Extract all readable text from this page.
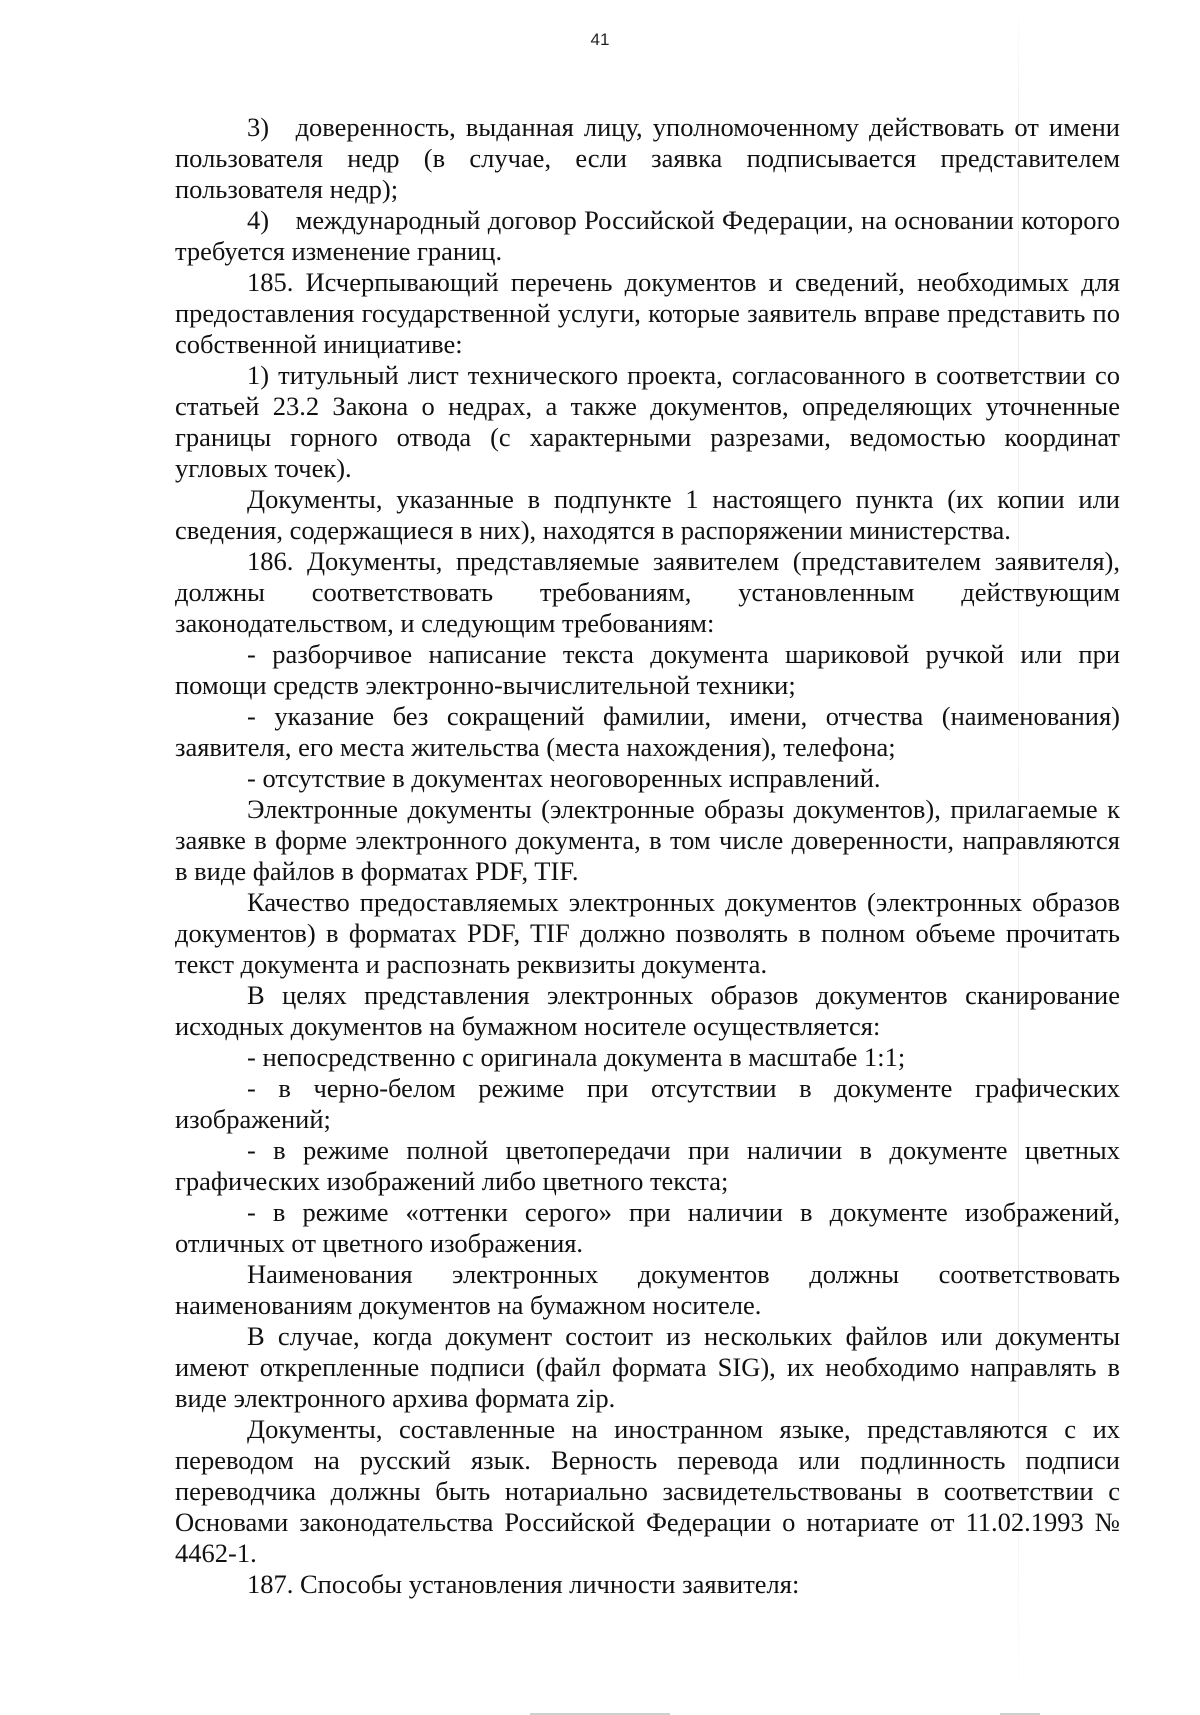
41

3) доверенность, выданная лицу, уполномоченному действовать от имени пользователя недр (в случае, если заявка подписывается представителем пользователя недр);

4) международный договор Российской Федерации, на основании которого требуется изменение границ.

185. Исчерпывающий перечень документов и сведений, необходимых для предоставления государственной услуги, которые заявитель вправе представить по собственной инициативе:

1) титульный лист технического проекта, согласованного в соответствии со статьей 23.2 Закона о недрах, а также документов, определяющих уточненные границы горного отвода (с характерными разрезами, ведомостью координат угловых точек).

Документы, указанные в подпункте 1 настоящего пункта (их копии или сведения, содержащиеся в них), находятся в распоряжении министерства.

186. Документы, представляемые заявителем (представителем заявителя), должны соответствовать требованиям, установленным действующим законодательством, и следующим требованиям:

- разборчивое написание текста документа шариковой ручкой или при помощи средств электронно-вычислительной техники;

- указание без сокращений фамилии, имени, отчества (наименования) заявителя, его места жительства (места нахождения), телефона;

- отсутствие в документах неоговоренных исправлений.

Электронные документы (электронные образы документов), прилагаемые к заявке в форме электронного документа, в том числе доверенности, направляются в виде файлов в форматах PDF, TIF.

Качество предоставляемых электронных документов (электронных образов документов) в форматах PDF, TIF должно позволять в полном объеме прочитать текст документа и распознать реквизиты документа.

В целях представления электронных образов документов сканирование исходных документов на бумажном носителе осуществляется:

- непосредственно с оригинала документа в масштабе 1:1;

- в черно-белом режиме при отсутствии в документе графических изображений;

- в режиме полной цветопередачи при наличии в документе цветных графических изображений либо цветного текста;

- в режиме «оттенки серого» при наличии в документе изображений, отличных от цветного изображения.

Наименования электронных документов должны соответствовать наименованиям документов на бумажном носителе.

В случае, когда документ состоит из нескольких файлов или документы имеют открепленные подписи (файл формата SIG), их необходимо направлять в виде электронного архива формата zip.

Документы, составленные на иностранном языке, представляются с их переводом на русский язык. Верность перевода или подлинность подписи переводчика должны быть нотариально засвидетельствованы в соответствии с Основами законодательства Российской Федерации о нотариате от 11.02.1993 № 4462-1.

187. Способы установления личности заявителя:
